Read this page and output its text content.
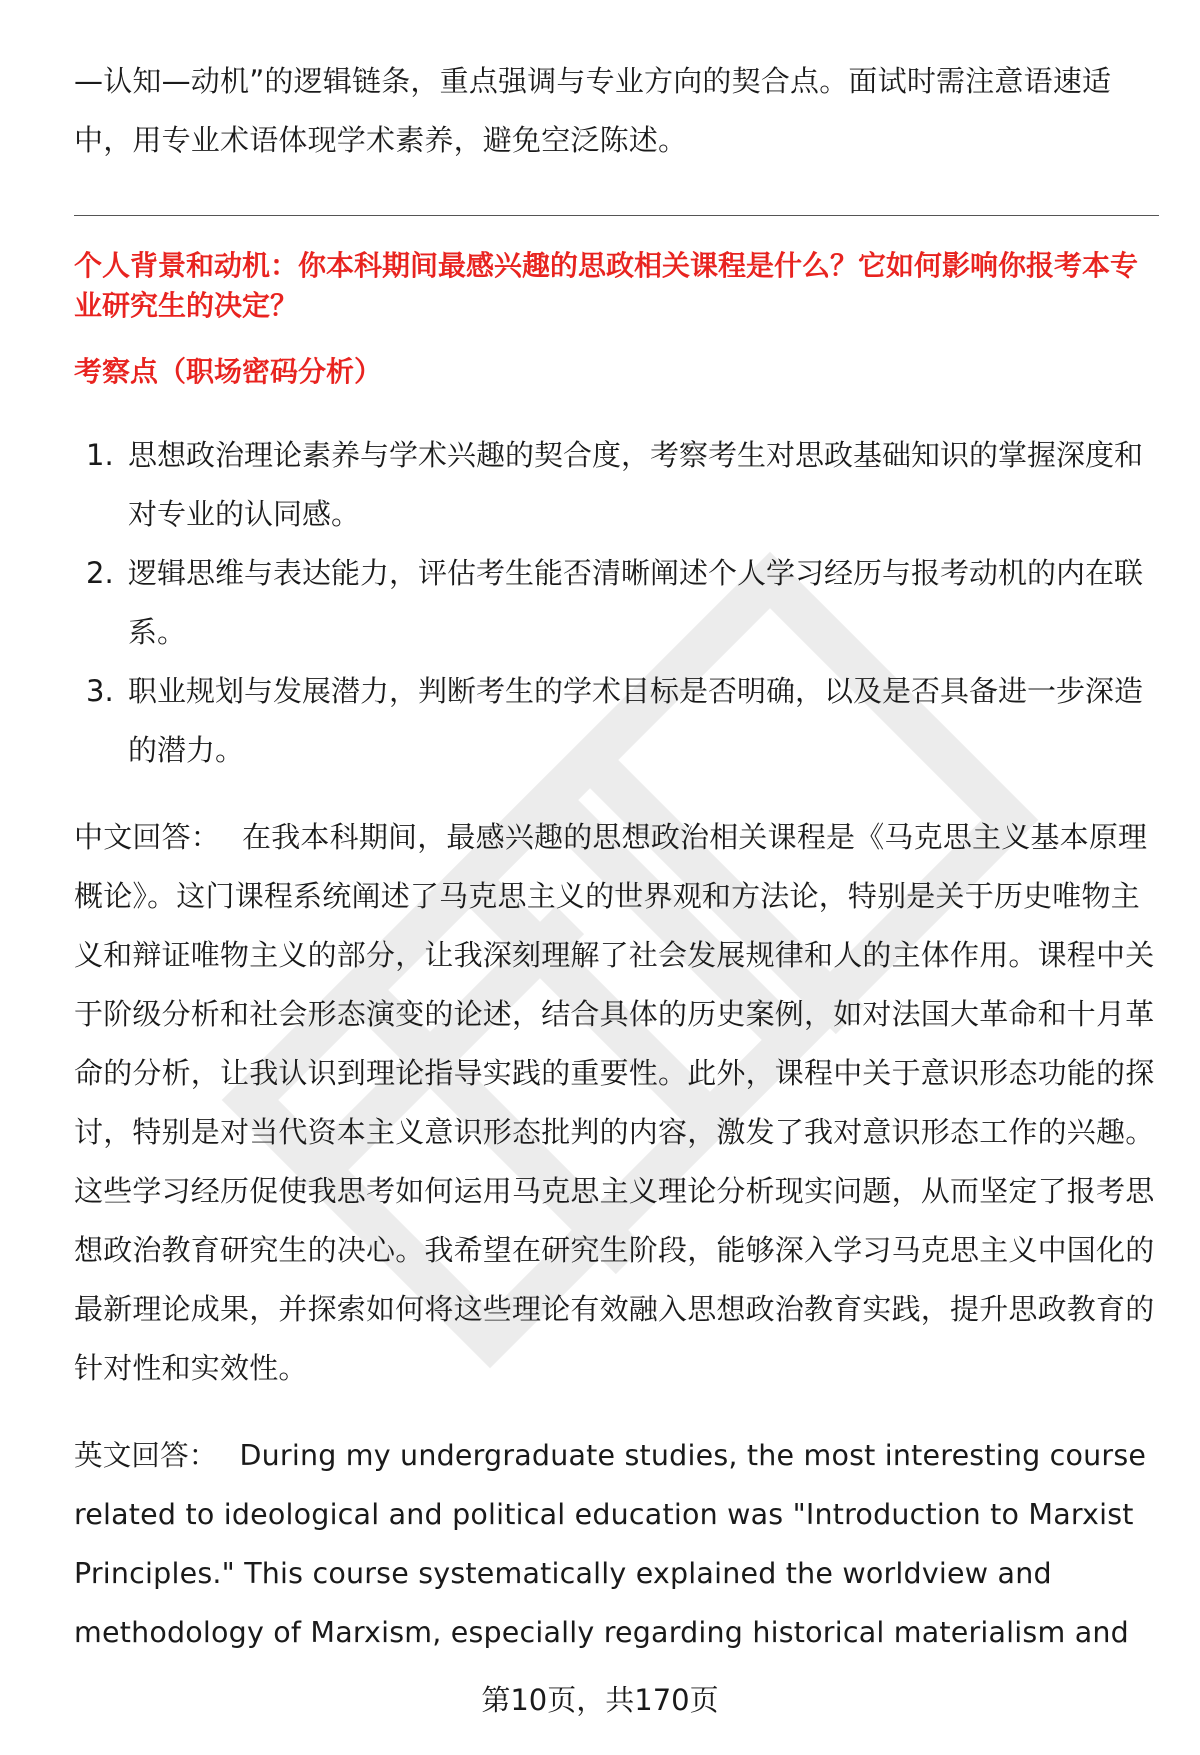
—认知—动机”的逻辑链条，重点强调与专业方向的契合点。面试时需注意语速适中，用专业术语体现学术素养，避免空泛陈述。

个人背景和动机：你本科期间最感兴趣的思政相关课程是什么？它如何影响你报考本专业研究生的决定？

考察点（职场密码分析）

1. 思想政治理论素养与学术兴趣的契合度，考察考生对思政基础知识的掌握深度和对专业的认同感。
2. 逻辑思维与表达能力，评估考生能否清晰阐述个人学习经历与报考动机的内在联系。
3. 职业规划与发展潜力，判断考生的学术目标是否明确，以及是否具备进一步深造的潜力。

中文回答： 在我本科期间，最感兴趣的思想政治相关课程是《马克思主义基本原理概论》。这门课程系统阐述了马克思主义的世界观和方法论，特别是关于历史唯物主义和辩证唯物主义的部分，让我深刻理解了社会发展规律和人的主体作用。课程中关于阶级分析和社会形态演变的论述，结合具体的历史案例，如对法国大革命和十月革命的分析，让我认识到理论指导实践的重要性。此外，课程中关于意识形态功能的探讨，特别是对当代资本主义意识形态批判的内容，激发了我对意识形态工作的兴趣。这些学习经历促使我思考如何运用马克思主义理论分析现实问题，从而坚定了报考思想政治教育研究生的决心。我希望在研究生阶段，能够深入学习马克思主义中国化的最新理论成果，并探索如何将这些理论有效融入思想政治教育实践，提升思政教育的针对性和实效性。

英文回答： During my undergraduate studies, the most interesting course related to ideological and political education was "Introduction to Marxist Principles." This course systematically explained the worldview and methodology of Marxism, especially regarding historical materialism and

第10页，共170页
